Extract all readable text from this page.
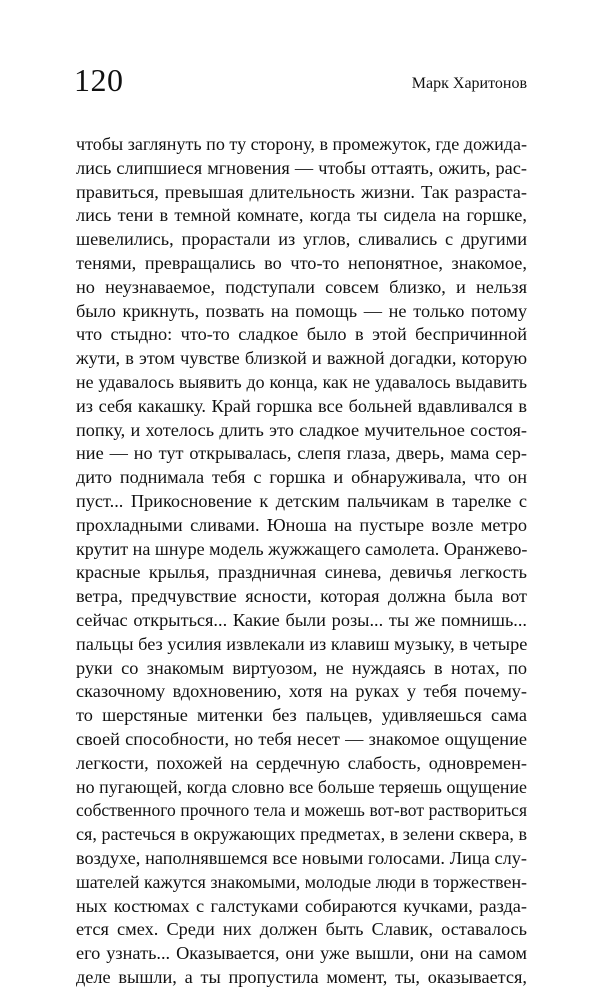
120	Марк Харитонов
чтобы заглянуть по ту сторону, в промежуток, где дожида-
лись слипшиеся мгновения — чтобы оттаять, ожить, рас-
правиться, превышая длительность жизни. Так разраста-
лись тени в темной комнате, когда ты сидела на горшке,
шевелились, прорастали из углов, сливались с другими
тенями, превращались во что-то непонятное, знакомое,
но неузнаваемое, подступали совсем близко, и нельзя
было крикнуть, позвать на помощь — не только потому
что стыдно: что-то сладкое было в этой беспричинной
жути, в этом чувстве близкой и важной догадки, которую
не удавалось выявить до конца, как не удавалось выдавить
из себя какашку. Край горшка все больней вдавливался в
попку, и хотелось длить это сладкое мучительное состоя-
ние — но тут открывалась, слепя глаза, дверь, мама сер-
дито поднимала тебя с горшка и обнаруживала, что он
пуст... Прикосновение к детским пальчикам в тарелке с
прохладными сливами. Юноша на пустыре возле метро
крутит на шнуре модель жужжащего самолета. Оранжево-
красные крылья, праздничная синева, девичья легкость
ветра, предчувствие ясности, которая должна была вот
сейчас открыться... Какие были розы... ты же помнишь...
пальцы без усилия извлекали из клавиш музыку, в четыре
руки со знакомым виртуозом, не нуждаясь в нотах, по
сказочному вдохновению, хотя на руках у тебя почему-
то шерстяные митенки без пальцев, удивляешься сама
своей способности, но тебя несет — знакомое ощущение
легкости, похожей на сердечную слабость, одновремен-
но пугающей, когда словно все больше теряешь ощущение
собственного прочного тела и можешь вот-вот раствориться
ся, растечься в окружающих предметах, в зелени сквера, в
воздухе, наполнявшемся все новыми голосами. Лица слу-
шателей кажутся знакомыми, молодые люди в торжествен-
ных костюмах с галстуками собираются кучками, разда-
ется смех. Среди них должен быть Славик, оставалось
его узнать... Оказывается, они уже вышли, они на самом
деле вышли, а ты пропустила момент, ты, оказывается,
